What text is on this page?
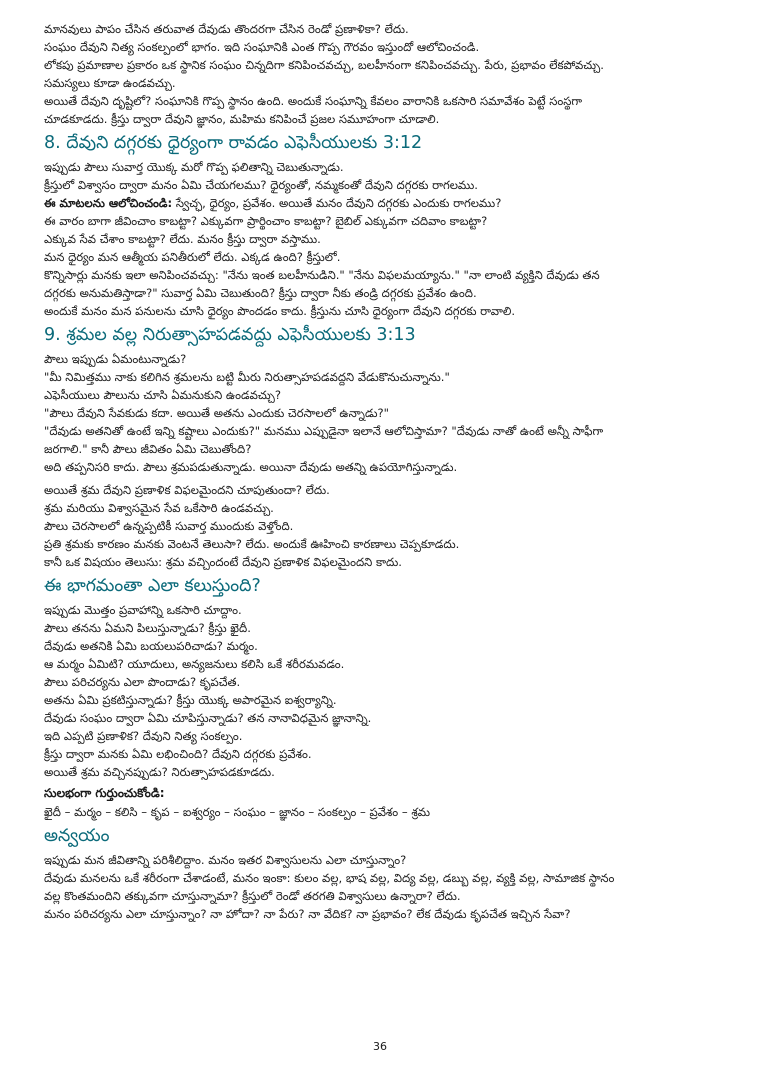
మానవులు పాపం చేసిన తరువాత దేవుడు తొందరగా చేసిన రెండో ప్రణాళికా? లేదు.

సంఘం దేవుని నిత్య సంకల్పంలో భాగం. ఇది సంఘానికి ఎంత గొప్ప గౌరవం ఇస్తుందో ఆలోచించండి.

లోకపు ప్రమాణాల ప్రకారం ఒక స్థానిక సంఘం చిన్నదిగా కనిపించవచ్చు, బలహీనంగా కనిపించవచ్చు. పేరు, ప్రభావం లేకపోవచ్చు.

సమస్యలు కూడా ఉండవచ్చు.

అయితే దేవుని దృష్టిలో? సంఘానికి గొప్ప స్థానం ఉంది. అందుకే సంఘాన్ని కేవలం వారానికి ఒకసారి సమావేశం పెట్టే సంస్థగా

చూడకూడదు. క్రీస్తు ద్వారా దేవుని జ్ఞానం, మహిమ కనిపించే ప్రజల సమూహంగా చూడాలి.

8. దేవుని దగ్గరకు ధైర్యంగా రావడం ఎఫెసీయులకు 3:12

ఇప్పుడు పౌలు సువార్త యొక్క మరో గొప్ప ఫలితాన్ని చెబుతున్నాడు.

క్రీస్తులో విశ్వాసం ద్వారా మనం ఏమి చేయగలము? ధైర్యంతో, నమ్మకంతో దేవుని దగ్గరకు రాగలము.

ఈ మాటలను ఆలోచించండి: స్వేచ్ఛ, ధైర్యం, ప్రవేశం. అయితే మనం దేవుని దగ్గరకు ఎందుకు రాగలము?

ఈ వారం బాగా జీవించాం కాబట్టా? ఎక్కువగా ప్రార్థించాం కాబట్టా? బైబిల్ ఎక్కువగా చదివాం కాబట్టా?

ఎక్కువ సేవ చేశాం కాబట్టా? లేదు. మనం క్రీస్తు ద్వారా వస్తాము.

మన ధైర్యం మన ఆత్మీయ పనితీరులో లేదు. ఎక్కడ ఉంది? క్రీస్తులో.

కొన్నిసార్లు మనకు ఇలా అనిపించవచ్చు: "నేను ఇంత బలహీనుడిని." "నేను విఫలమయ్యాను." "నా లాంటి వ్యక్తిని దేవుడు తన

దగ్గరకు అనుమతిస్తాడా?" సువార్త ఏమి చెబుతుంది? క్రీస్తు ద్వారా నీకు తండ్రి దగ్గరకు ప్రవేశం ఉంది.

అందుకే మనం మన పనులను చూసి ధైర్యం పొందడం కాదు. క్రీస్తును చూసి ధైర్యంగా దేవుని దగ్గరకు రావాలి.

9. శ్రమల వల్ల నిరుత్సాహపడవద్దు ఎఫెసీయులకు 3:13

పౌలు ఇప్పుడు ఏమంటున్నాడు?

"మీ నిమిత్తము నాకు కలిగిన శ్రమలను బట్టి మీరు నిరుత్సాహపడవద్దని వేడుకొనుచున్నాను."

ఎఫెసీయులు పౌలును చూసి ఏమనుకుని ఉండవచ్చు?

"పౌలు దేవుని సేవకుడు కదా. అయితే అతను ఎందుకు చెరసాలలో ఉన్నాడు?"

"దేవుడు అతనితో ఉంటే ఇన్ని కష్టాలు ఎందుకు?" మనము ఎప్పుడైనా ఇలానే ఆలోచిస్తామా? "దేవుడు నాతో ఉంటే అన్నీ సాఫీగా

జరగాలి." కానీ పౌలు జీవితం ఏమి చెబుతోంది?

అది తప్పనిసరి కాదు. పౌలు శ్రమపడుతున్నాడు. అయినా దేవుడు అతన్ని ఉపయోగిస్తున్నాడు.

అయితే శ్రమ దేవుని ప్రణాళిక విఫలమైందని చూపుతుందా? లేదు.

శ్రమ మరియు విశ్వాసమైన సేవ ఒకేసారి ఉండవచ్చు.

పౌలు చెరసాలలో ఉన్నప్పటికీ సువార్త ముందుకు వెళ్తోంది.

ప్రతి శ్రమకు కారణం మనకు వెంటనే తెలుసా? లేదు. అందుకే ఊహించి కారణాలు చెప్పకూడదు.

కానీ ఒక విషయం తెలుసు: శ్రమ వచ్చిందంటే దేవుని ప్రణాళిక విఫలమైందని కాదు.

ఈ భాగమంతా ఎలా కలుస్తుంది?

ఇప్పుడు మొత్తం ప్రవాహాన్ని ఒకసారి చూద్దాం.

పౌలు తనను ఏమని పిలుస్తున్నాడు? క్రీస్తు ఖైదీ.

దేవుడు అతనికి ఏమి బయలుపరిచాడు? మర్మం.

ఆ మర్మం ఏమిటి? యూదులు, అన్యజనులు కలిసి ఒకే శరీరమవడం.

పౌలు పరిచర్యను ఎలా పొందాడు? కృపచేత.

అతను ఏమి ప్రకటిస్తున్నాడు? క్రీస్తు యొక్క అపారమైన ఐశ్వర్యాన్ని.

దేవుడు సంఘం ద్వారా ఏమి చూపిస్తున్నాడు? తన నానావిధమైన జ్ఞానాన్ని.

ఇది ఎప్పటి ప్రణాళిక? దేవుని నిత్య సంకల్పం.

క్రీస్తు ద్వారా మనకు ఏమి లభించింది? దేవుని దగ్గరకు ప్రవేశం.

అయితే శ్రమ వచ్చినప్పుడు? నిరుత్సాహపడకూడదు.

సులభంగా గుర్తుంచుకోండి:

ఖైదీ – మర్మం – కలిసి – కృప – ఐశ్వర్యం – సంఘం – జ్ఞానం – సంకల్పం – ప్రవేశం – శ్రమ

అన్వయం

ఇప్పుడు మన జీవితాన్ని పరిశీలిద్దాం. మనం ఇతర విశ్వాసులను ఎలా చూస్తున్నాం?

దేవుడు మనలను ఒకే శరీరంగా చేశాడంటే, మనం ఇంకా: కులం వల్ల, భాష వల్ల, విద్య వల్ల, డబ్బు వల్ల, వ్యక్తి వల్ల, సామాజిక స్థానం

వల్ల కొంతమందిని తక్కువగా చూస్తున్నామా? క్రీస్తులో రెండో తరగతి విశ్వాసులు ఉన్నారా? లేదు.

మనం పరిచర్యను ఎలా చూస్తున్నాం? నా హోదా? నా పేరు? నా వేదిక? నా ప్రభావం? లేక దేవుడు కృపచేత ఇచ్చిన సేవా?

36
